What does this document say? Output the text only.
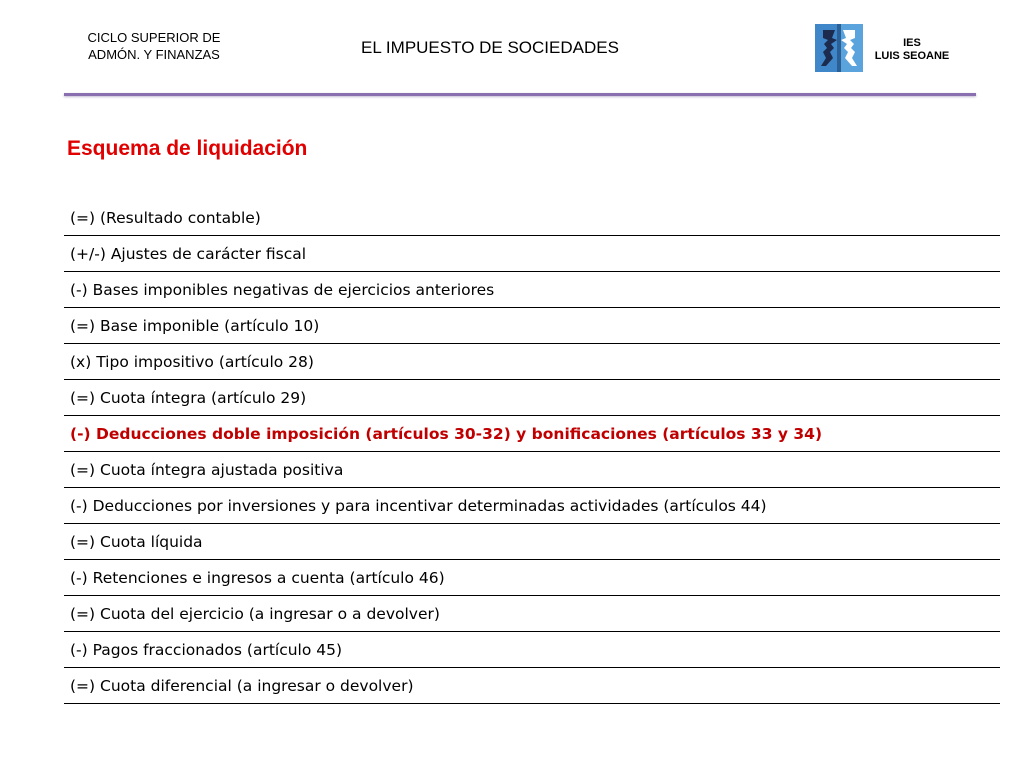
CICLO SUPERIOR DE
ADMÓN. Y FINANZAS	EL IMPUESTO DE SOCIEDADES	IES
LUIS SEOANE
Esquema de liquidación
(=) (Resultado contable)
(+/-) Ajustes de carácter fiscal
(-) Bases imponibles negativas de ejercicios anteriores
(=) Base imponible (artículo 10)
(x) Tipo impositivo (artículo 28)
(=) Cuota íntegra (artículo 29)
(-) Deducciones doble imposición (artículos 30-32) y bonificaciones (artículos 33 y 34)
(=) Cuota íntegra ajustada positiva
(-) Deducciones por inversiones y para incentivar determinadas actividades (artículos 44)
(=) Cuota líquida
(-) Retenciones e ingresos a cuenta (artículo 46)
(=) Cuota del ejercicio (a ingresar o a devolver)
(-) Pagos fraccionados (artículo 45)
(=) Cuota diferencial (a ingresar o devolver)
